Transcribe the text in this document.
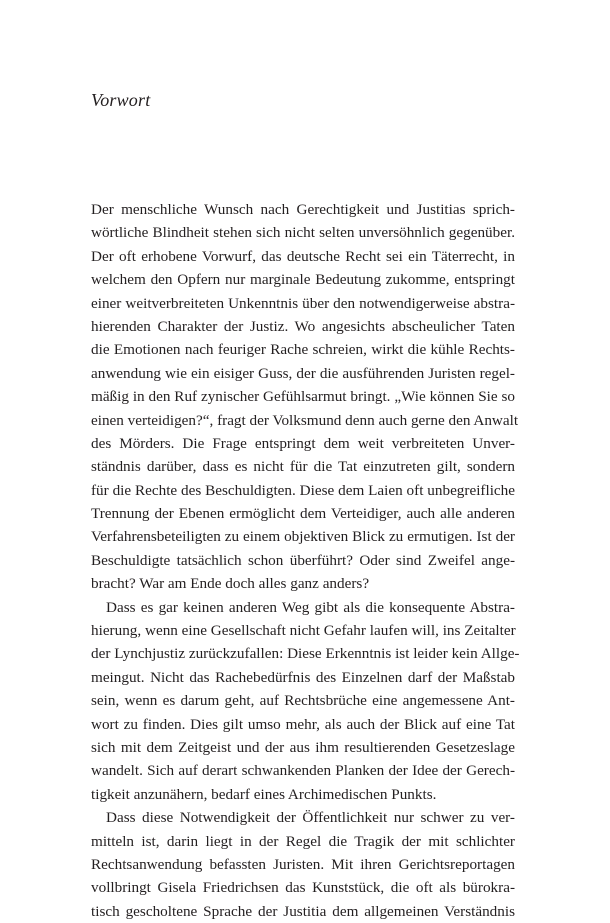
Vorwort
Der menschliche Wunsch nach Gerechtigkeit und Justitias sprich-
wörtliche Blindheit stehen sich nicht selten unversöhnlich gegenüber.
Der oft erhobene Vorwurf, das deutsche Recht sei ein Täterrecht, in
welchem den Opfern nur marginale Bedeutung zukomme, entspringt
einer weitverbreiteten Unkenntnis über den notwendigerweise abstra-
hierenden Charakter der Justiz. Wo angesichts abscheulicher Taten
die Emotionen nach feuriger Rache schreien, wirkt die kühle Rechts-
anwendung wie ein eisiger Guss, der die ausführenden Juristen regel-
mäßig in den Ruf zynischer Gefühlsarmut bringt. „Wie können Sie so
einen verteidigen?“, fragt der Volksmund denn auch gerne den Anwalt
des Mörders. Die Frage entspringt dem weit verbreiteten Unver-
ständnis darüber, dass es nicht für die Tat einzutreten gilt, sondern
für die Rechte des Beschuldigten. Diese dem Laien oft unbegreifliche
Trennung der Ebenen ermöglicht dem Verteidiger, auch alle anderen
Verfahrensbeteiligten zu einem objektiven Blick zu ermutigen. Ist der
Beschuldigte tatsächlich schon überführt? Oder sind Zweifel ange-
bracht? War am Ende doch alles ganz anders?
Dass es gar keinen anderen Weg gibt als die konsequente Abstra-
hierung, wenn eine Gesellschaft nicht Gefahr laufen will, ins Zeitalter
der Lynchjustiz zurückzufallen: Diese Erkenntnis ist leider kein Allge-
meingut. Nicht das Rachebedürfnis des Einzelnen darf der Maßstab
sein, wenn es darum geht, auf Rechtsbrüche eine angemessene Ant-
wort zu finden. Dies gilt umso mehr, als auch der Blick auf eine Tat
sich mit dem Zeitgeist und der aus ihm resultierenden Gesetzeslage
wandelt. Sich auf derart schwankenden Planken der Idee der Gerech-
tigkeit anzunähern, bedarf eines Archimedischen Punkts.
Dass diese Notwendigkeit der Öffentlichkeit nur schwer zu ver-
mitteln ist, darin liegt in der Regel die Tragik der mit schlichter
Rechtsanwendung befassten Juristen. Mit ihren Gerichtsreportagen
vollbringt Gisela Friedrichsen das Kunststück, die oft als bürokra-
tisch gescholtene Sprache der Justitia dem allgemeinen Verständnis
